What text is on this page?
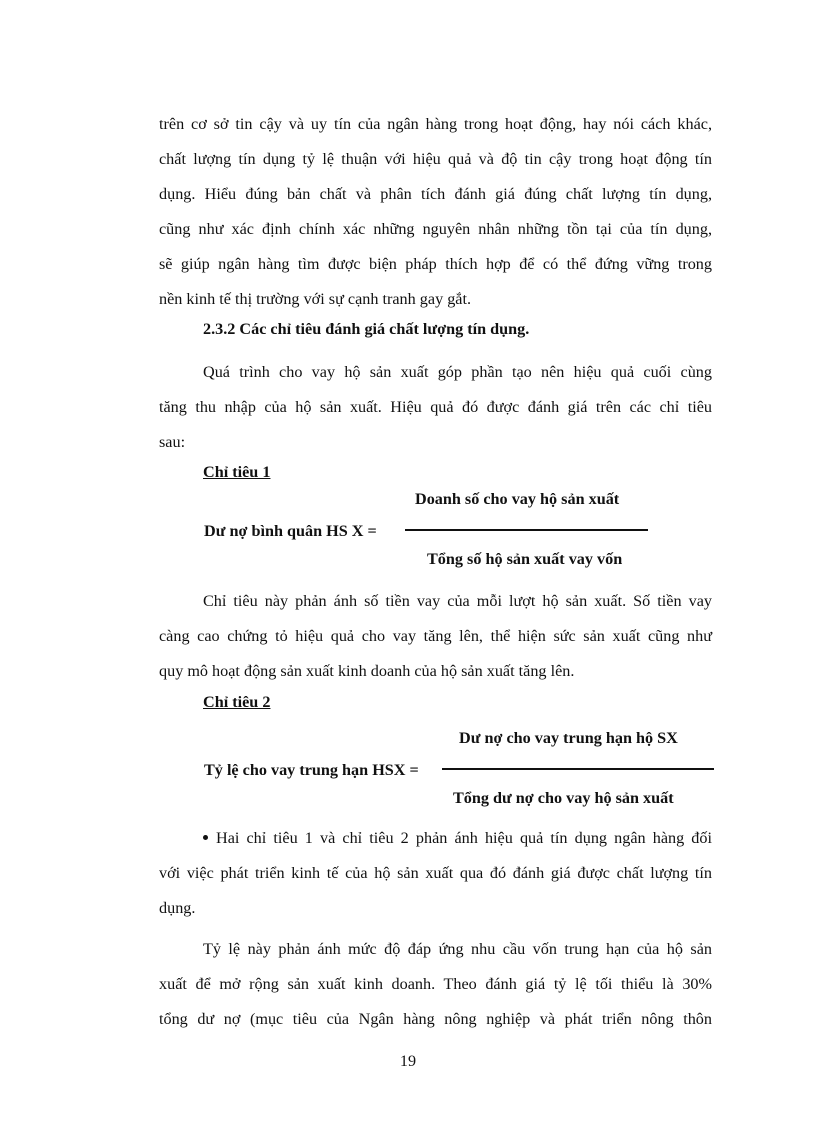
trên cơ sở tin cậy và uy tín của ngân hàng trong hoạt động, hay nói cách khác,
chất lượng tín dụng tỷ lệ thuận với hiệu quả và độ tin cậy trong hoạt động tín
dụng. Hiểu đúng bản chất và phân tích đánh giá đúng chất lượng tín dụng,
cũng như xác định chính xác những nguyên nhân những tồn tại của tín dụng,
sẽ giúp ngân hàng tìm được biện pháp thích hợp để có thể đứng vững trong
nền kinh tế thị trường với sự cạnh tranh gay gắt.
2.3.2 Các chỉ tiêu đánh giá chất lượng tín dụng.
Quá trình cho vay hộ sản xuất góp phần tạo nên hiệu quả cuối cùng
tăng thu nhập của hộ sản xuất. Hiệu quả đó được đánh giá trên các chỉ tiêu
sau:
Chỉ tiêu 1
Doanh số cho vay hộ sản xuất
Dư nợ bình quân HS X =
Tổng số hộ sản xuất vay vốn
Chỉ tiêu này phản ánh số tiền vay của mỗi lượt hộ sản xuất. Số tiền vay
càng cao chứng tỏ hiệu quả cho vay tăng lên, thể hiện sức sản xuất cũng như
quy mô hoạt động sản xuất kinh doanh của hộ sản xuất tăng lên.
Chỉ tiêu 2
Dư nợ cho vay trung hạn hộ SX
Tỷ lệ cho vay trung hạn HSX =
Tổng dư nợ cho vay hộ sản xuất
Hai chỉ tiêu 1 và chỉ tiêu 2 phản ánh hiệu quả tín dụng ngân hàng đối
với việc phát triển kinh tế của hộ sản xuất qua đó đánh giá được chất lượng tín
dụng.
Tỷ lệ này phản ánh mức độ đáp ứng nhu cầu vốn trung hạn của hộ sản
xuất để mở rộng sản xuất kinh doanh. Theo đánh giá tỷ lệ tối thiểu là 30%
tổng dư nợ (mục tiêu của Ngân hàng nông nghiệp và phát triển nông thôn
19
